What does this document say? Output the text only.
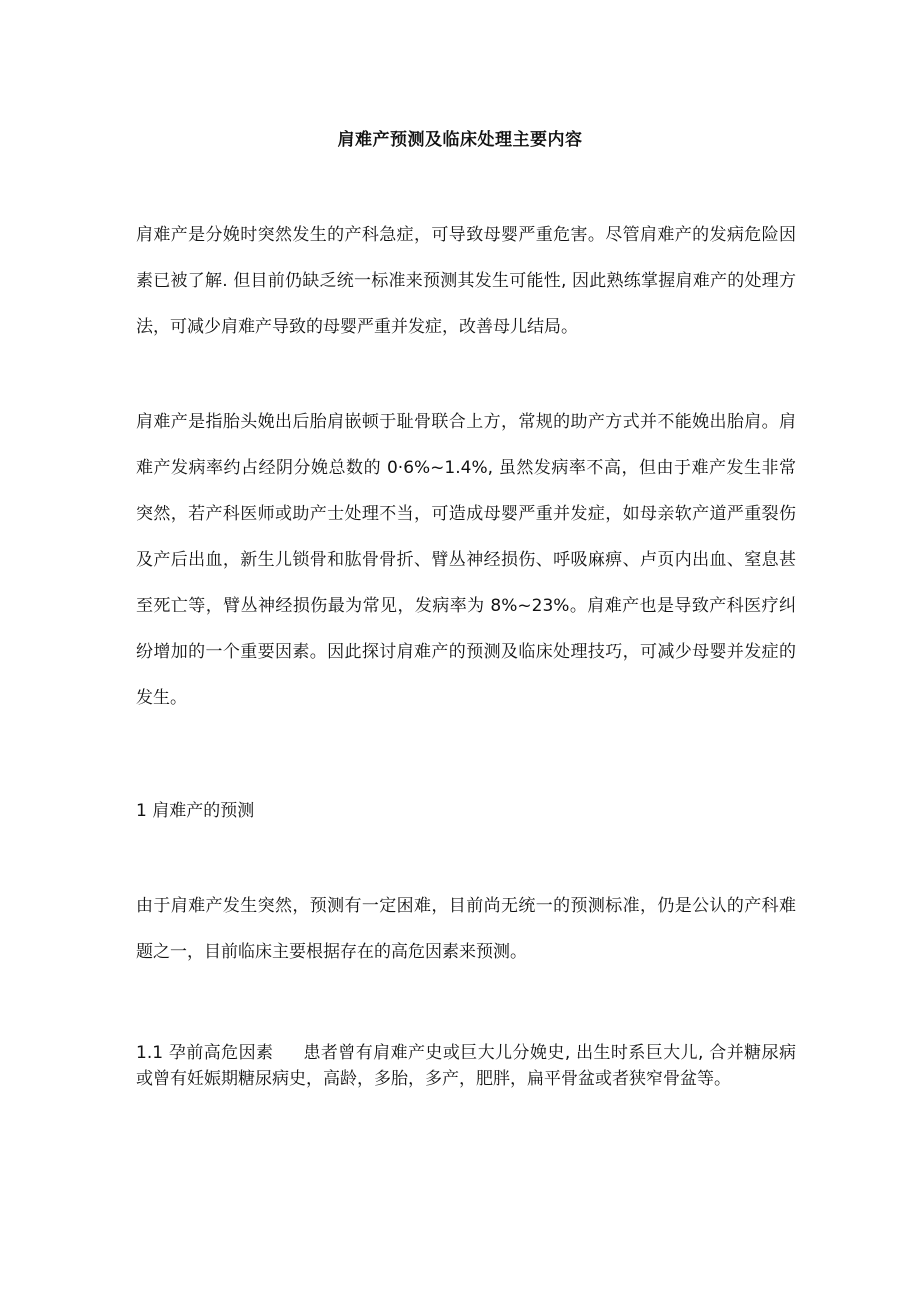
肩难产预测及临床处理主要内容

肩难产是分娩时突然发生的产科急症，可导致母婴严重危害。尽管肩难产的发病危险因素已被了解. 但目前仍缺乏统一标准来预测其发生可能性, 因此熟练掌握肩难产的处理方法，可减少肩难产导致的母婴严重并发症，改善母儿结局。

肩难产是指胎头娩出后胎肩嵌顿于耻骨联合上方，常规的助产方式并不能娩出胎肩。肩难产发病率约占经阴分娩总数的 0·6%~1.4%, 虽然发病率不高，但由于难产发生非常突然，若产科医师或助产士处理不当，可造成母婴严重并发症，如母亲软产道严重裂伤及产后出血，新生儿锁骨和肱骨骨折、臂丛神经损伤、呼吸麻痹、卢页内出血、窒息甚至死亡等，臂丛神经损伤最为常见，发病率为 8%~23%。肩难产也是导致产科医疗纠纷增加的一个重要因素。因此探讨肩难产的预测及临床处理技巧，可减少母婴并发症的发生。

1 肩难产的预测

由于肩难产发生突然，预测有一定困难，目前尚无统一的预测标准，仍是公认的产科难题之一，目前临床主要根据存在的高危因素来预测。

1.1 孕前高危因素 患者曾有肩难产史或巨大儿分娩史, 出生时系巨大儿, 合并糖尿病或曾有妊娠期糖尿病史，高龄，多胎，多产，肥胖，扁平骨盆或者狭窄骨盆等。
